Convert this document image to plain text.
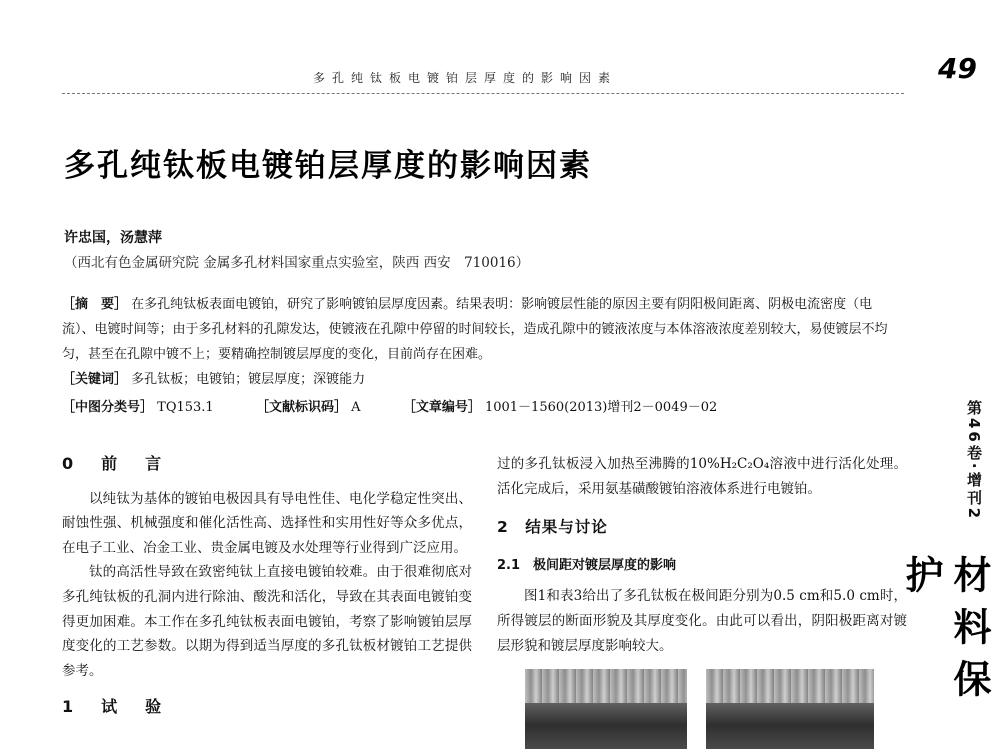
多孔纯钛板电镀铂层厚度的影响因素	49
多孔纯钛板电镀铂层厚度的影响因素
许忠国，汤慧萍
（西北有色金属研究院 金属多孔材料国家重点实验室，陕西 西安　710016）
［摘　要］ 在多孔纯钛板表面电镀铂，研究了影响镀铂层厚度因素。结果表明：影响镀层性能的原因主要有阴阳极间距离、阴极电流密度（电流）、电镀时间等；由于多孔材料的孔隙发达，使镀液在孔隙中停留的时间较长，造成孔隙中的镀液浓度与本体溶液浓度差别较大，易使镀层不均匀，甚至在孔隙中镀不上；要精确控制镀层厚度的变化，目前尚存在困难。
［关键词］ 多孔钛板；电镀铂；镀层厚度；深镀能力
［中图分类号］ TQ153.1	［文献标识码］ A	［文章编号］ 1001－1560(2013)增刊2－0049－02
0　前　言

以纯钛为基体的镀铂电极因具有导电性佳、电化学稳定性突出、耐蚀性强、机械强度和催化活性高、选择性和实用性好等众多优点，在电子工业、冶金工业、贵金属电镀及水处理等行业得到广泛应用。

钛的高活性导致在致密纯钛上直接电镀铂较难。由于很难彻底对多孔纯钛板的孔洞内进行除油、酸洗和活化，导致在其表面电镀铂变得更加困难。本工作在多孔纯钛板表面电镀铂，考察了影响镀铂层厚度变化的工艺参数。以期为得到适当厚度的多孔钛板材镀铂工艺提供参考。

1　试　验

过的多孔钛板浸入加热至沸腾的10%H₂C₂O₄溶液中进行活化处理。活化完成后，采用氨基磺酸镀铂溶液体系进行电镀铂。

2　结果与讨论
2.1　极间距对镀层厚度的影响

图1和表3给出了多孔钛板在极间距分别为0.5 cm和5.0 cm时，所得镀层的断面形貌及其厚度变化。由此可以看出，阴阳极距离对镀层形貌和镀层厚度影响较大。

第46卷·增刊2
材料保护
